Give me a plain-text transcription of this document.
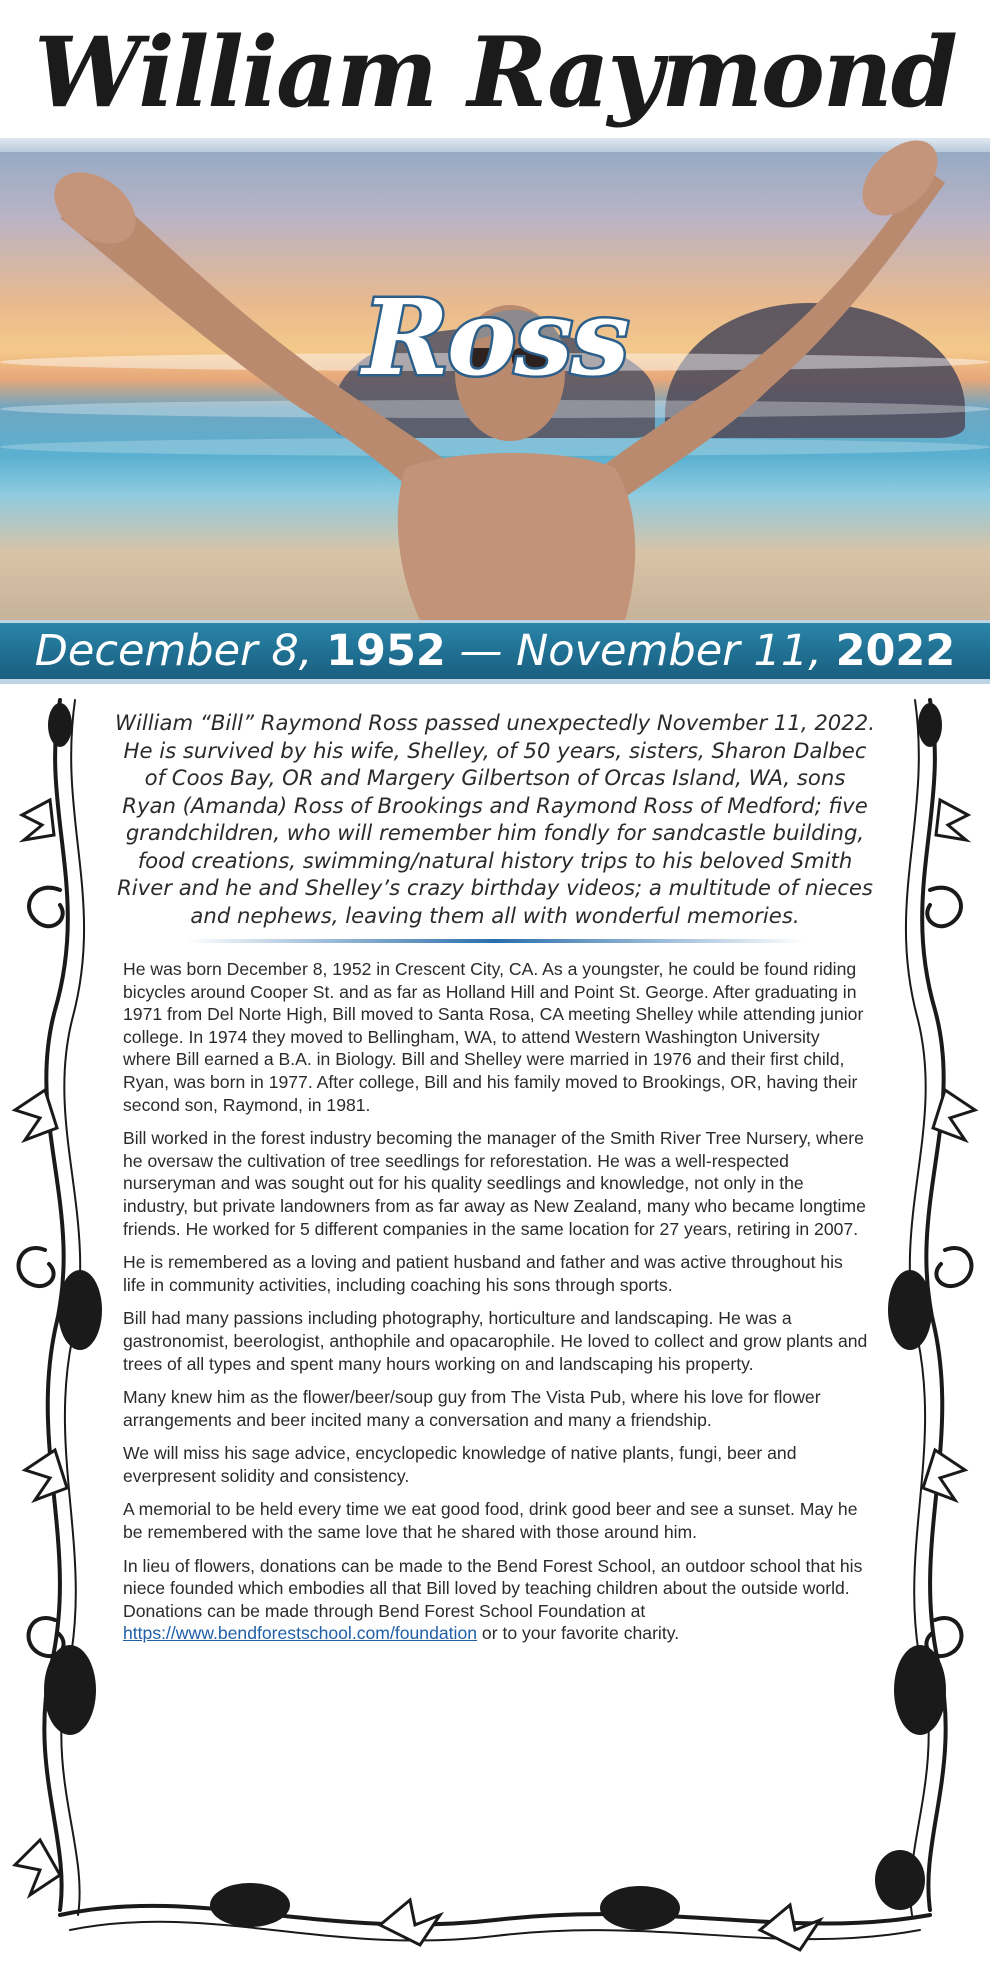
William Raymond
Ross
December 8, 1952 — November 11, 2022
William “Bill” Raymond Ross passed unexpectedly November 11, 2022. He is survived by his wife, Shelley, of 50 years, sisters, Sharon Dalbec of Coos Bay, OR and Margery Gilbertson of Orcas Island, WA, sons Ryan (Amanda) Ross of Brookings and Raymond Ross of Medford; five grandchildren, who will remember him fondly for sandcastle building, food creations, swimming/natural history trips to his beloved Smith River and he and Shelley’s crazy birthday videos; a multitude of nieces and nephews, leaving them all with wonderful memories.

He was born December 8, 1952 in Crescent City, CA. As a youngster, he could be found riding bicycles around Cooper St. and as far as Holland Hill and Point St. George. After graduating in 1971 from Del Norte High, Bill moved to Santa Rosa, CA meeting Shelley while attending junior college. In 1974 they moved to Bellingham, WA, to attend Western Washington University where Bill earned a B.A. in Biology. Bill and Shelley were married in 1976 and their first child, Ryan, was born in 1977. After college, Bill and his family moved to Brookings, OR, having their second son, Raymond, in 1981.

Bill worked in the forest industry becoming the manager of the Smith River Tree Nursery, where he oversaw the cultivation of tree seedlings for reforestation. He was a well-respected nurseryman and was sought out for his quality seedlings and knowledge, not only in the industry, but private landowners from as far away as New Zealand, many who became longtime friends. He worked for 5 different companies in the same location for 27 years, retiring in 2007.

He is remembered as a loving and patient husband and father and was active throughout his life in community activities, including coaching his sons through sports.

Bill had many passions including photography, horticulture and landscaping. He was a gastronomist, beerologist, anthophile and opacarophile. He loved to collect and grow plants and trees of all types and spent many hours working on and landscaping his property.

Many knew him as the flower/beer/soup guy from The Vista Pub, where his love for flower arrangements and beer incited many a conversation and many a friendship.

We will miss his sage advice, encyclopedic knowledge of native plants, fungi, beer and everpresent solidity and consistency.

A memorial to be held every time we eat good food, drink good beer and see a sunset. May he be remembered with the same love that he shared with those around him.

In lieu of flowers, donations can be made to the Bend Forest School, an outdoor school that his niece founded which embodies all that Bill loved by teaching children about the outside world. Donations can be made through Bend Forest School Foundation at https://www.bendforestschool.com/foundation or to your favorite charity.
